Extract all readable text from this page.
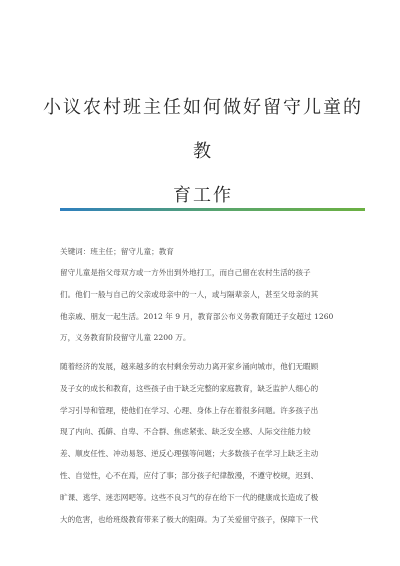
小议农村班主任如何做好留守儿童的教
育工作
关键词：班主任；留守儿童；教育
留守儿童是指父母双方或一方外出到外地打工，而自己留在农村生活的孩子
们。他们一般与自己的父亲或母亲中的一人，或与隔辈亲人，甚至父母亲的其
他亲戚、朋友一起生活。2012 年 9 月，教育部公布义务教育随迁子女超过 1260
万，义务教育阶段留守儿童 2200 万。
随着经济的发展，越来越多的农村剩余劳动力离开家乡涌向城市，他们无暇顾
及子女的成长和教育，这些孩子由于缺乏完整的家庭教育，缺乏监护人细心的
学习引导和管理，使他们在学习、心理、身体上存在着很多问题。许多孩子出
现了内向、孤僻、自卑、不合群、焦虑紧张、缺乏安全感、人际交往能力较
差、顺皮任性、冲动易怒、逆反心理强等问题；大多数孩子在学习上缺乏主动
性、自觉性，心不在焉，应付了事；部分孩子纪律散漫，不遵守校规，迟到、
旷课、逃学、迷恋网吧等。这些不良习气的存在给下一代的健康成长造成了极
大的危害，也给班级教育带来了极大的阻碍。为了关爱留守孩子，保障下一代
